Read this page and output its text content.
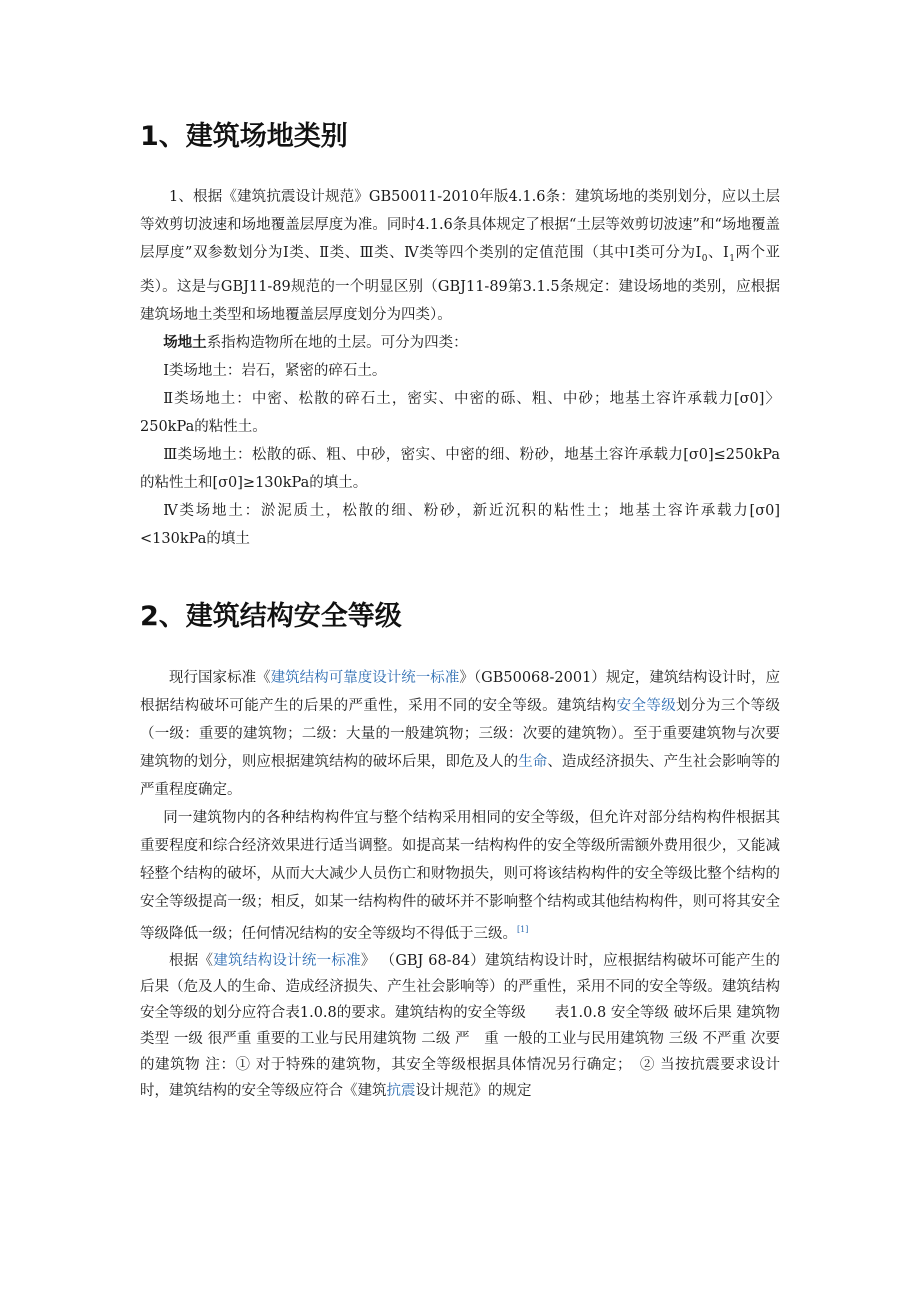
1、建筑场地类别

1、根据《建筑抗震设计规范》GB50011-2010年版4.1.6条：建筑场地的类别划分，应以土层等效剪切波速和场地覆盖层厚度为准。同时4.1.6条具体规定了根据“土层等效剪切波速”和“场地覆盖层厚度”双参数划分为Ⅰ类、Ⅱ类、Ⅲ类、Ⅳ类等四个类别的定值范围（其中Ⅰ类可分为$Ⅰ_0$、$Ⅰ_1$两个亚类）。这是与GBJ11-89规范的一个明显区别（GBJ11-89第3.1.5条规定：建设场地的类别，应根据建筑场地土类型和场地覆盖层厚度划分为四类）。

场地土系指构造物所在地的土层。可分为四类：

Ⅰ类场地土：岩石，紧密的碎石土。

Ⅱ类场地土：中密、松散的碎石土，密实、中密的砾、粗、中砂；地基土容许承载力[σ0]〉250kPa的粘性土。

Ⅲ类场地土：松散的砾、粗、中砂，密实、中密的细、粉砂，地基土容许承载力[σ0]≤250kPa的粘性土和[σ0]≥130kPa的填土。

Ⅳ类场地土：淤泥质土，松散的细、粉砂，新近沉积的粘性土；地基土容许承载力[σ0]<130kPa的填土

2、建筑结构安全等级

现行国家标准《建筑结构可靠度设计统一标准》（GB50068-2001）规定，建筑结构设计时，应根据结构破坏可能产生的后果的严重性，采用不同的安全等级。建筑结构安全等级划分为三个等级（一级：重要的建筑物；二级：大量的一般建筑物；三级：次要的建筑物）。至于重要建筑物与次要建筑物的划分，则应根据建筑结构的破坏后果，即危及人的生命、造成经济损失、产生社会影响等的严重程度确定。

同一建筑物内的各种结构构件宜与整个结构采用相同的安全等级，但允许对部分结构构件根据其重要程度和综合经济效果进行适当调整。如提高某一结构构件的安全等级所需额外费用很少，又能减轻整个结构的破坏，从而大大减少人员伤亡和财物损失，则可将该结构构件的安全等级比整个结构的安全等级提高一级；相反，如某一结构构件的破坏并不影响整个结构或其他结构构件，则可将其安全等级降低一级；任何情况结构的安全等级均不得低于三级。[1]

根据《建筑结构设计统一标准》 （GBJ 68-84）建筑结构设计时，应根据结构破坏可能产生的后果（危及人的生命、造成经济损失、产生社会影响等）的严重性，采用不同的安全等级。建筑结构安全等级的划分应符合表1.0.8的要求。建筑结构的安全等级　　表1.0.8 安全等级 破坏后果 建筑物类型 一级 很严重 重要的工业与民用建筑物 二级 严　重 一般的工业与民用建筑物 三级 不严重 次要的建筑物 注：① 对于特殊的建筑物，其安全等级根据具体情况另行确定；　② 当按抗震要求设计时，建筑结构的安全等级应符合《建筑抗震设计规范》的规定
